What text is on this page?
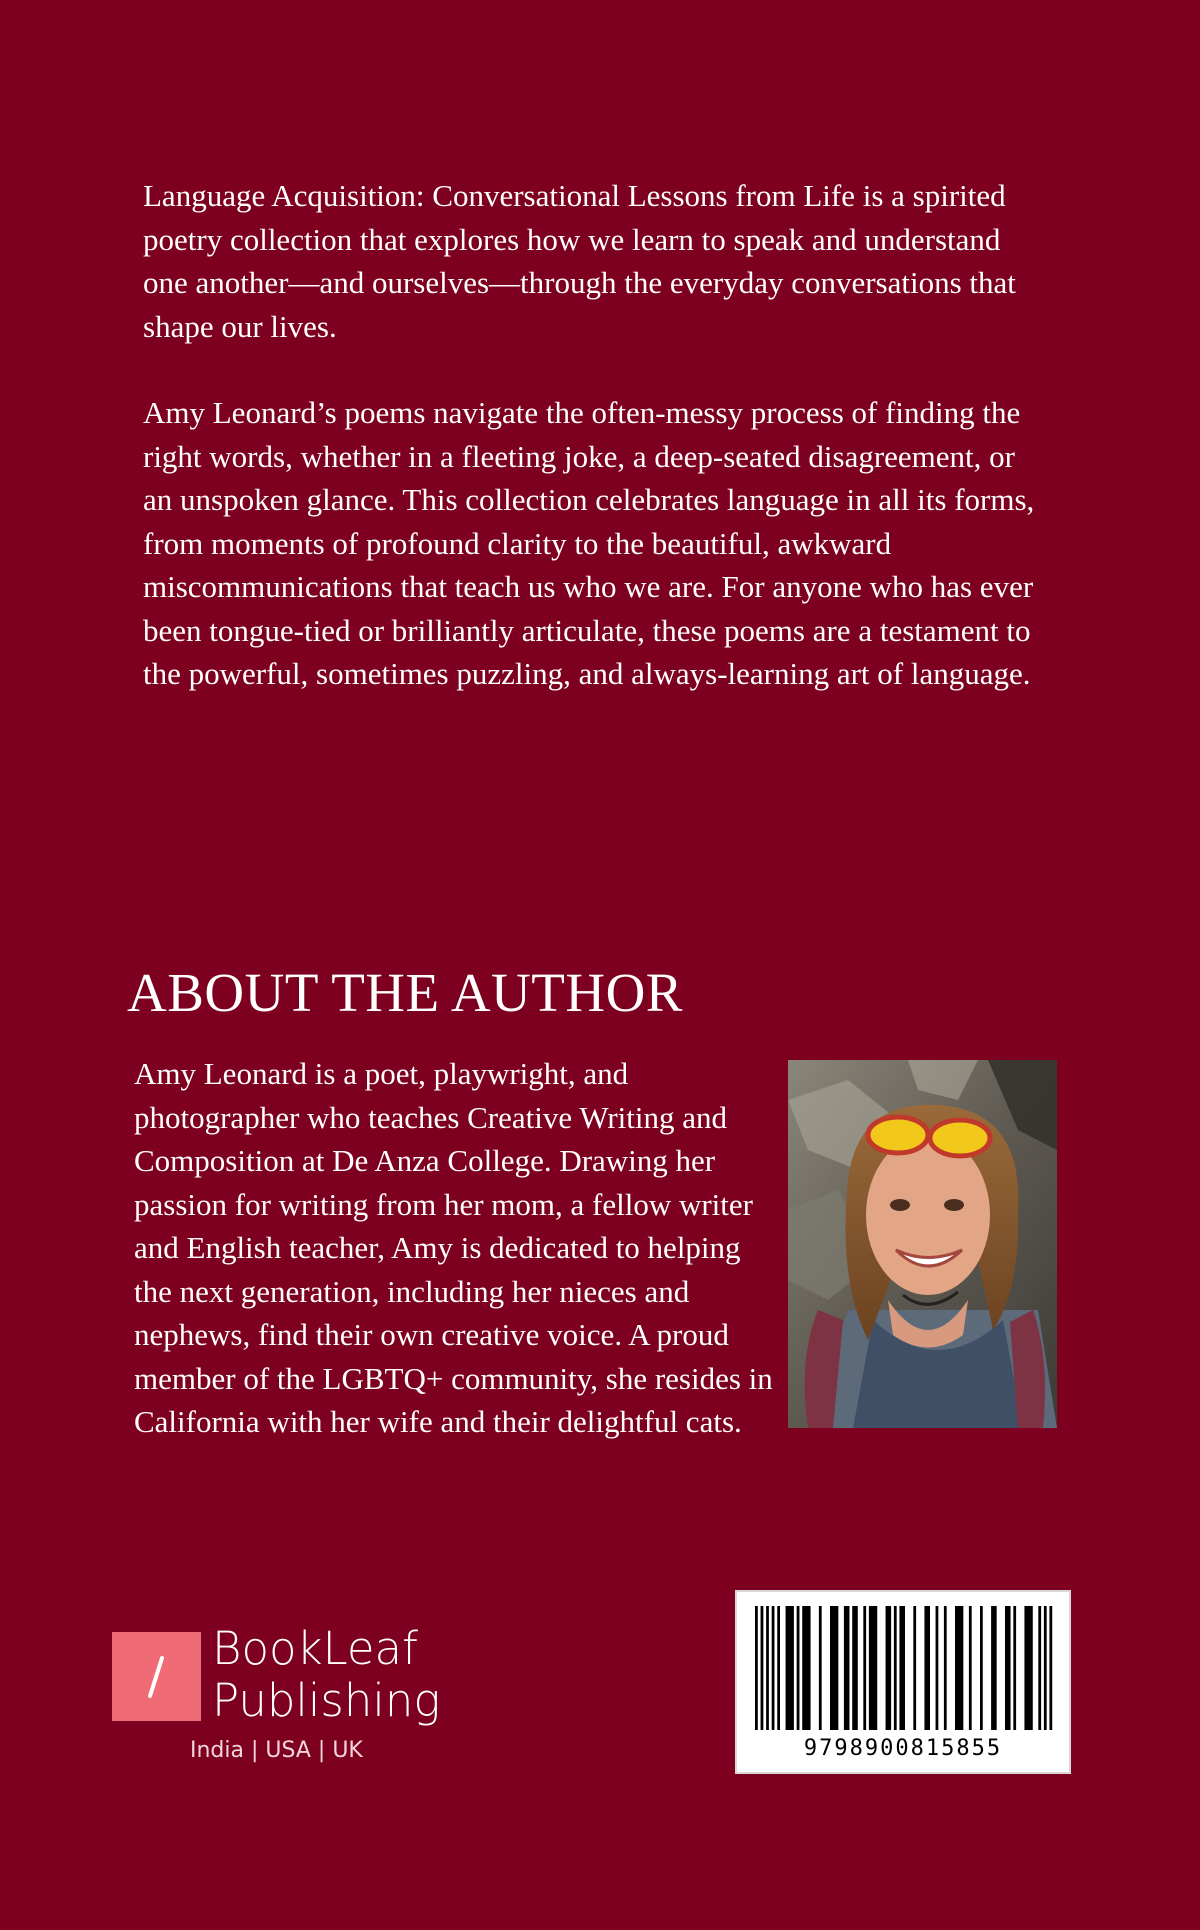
Language Acquisition: Conversational Lessons from Life is a spirited poetry collection that explores how we learn to speak and understand one another—and ourselves—through the everyday conversations that shape our lives.

Amy Leonard’s poems navigate the often-messy process of finding the right words, whether in a fleeting joke, a deep-seated disagreement, or an unspoken glance. This collection celebrates language in all its forms, from moments of profound clarity to the beautiful, awkward miscommunications that teach us who we are. For anyone who has ever been tongue-tied or brilliantly articulate, these poems are a testament to the powerful, sometimes puzzling, and always-learning art of language.

ABOUT THE AUTHOR

Amy Leonard is a poet, playwright, and photographer who teaches Creative Writing and Composition at De Anza College. Drawing her passion for writing from her mom, a fellow writer and English teacher, Amy is dedicated to helping the next generation, including her nieces and nephews, find their own creative voice. A proud member of the LGBTQ+ community, she resides in California with her wife and their delightful cats.

BookLeaf
Publishing
India | USA | UK	9798900815855
